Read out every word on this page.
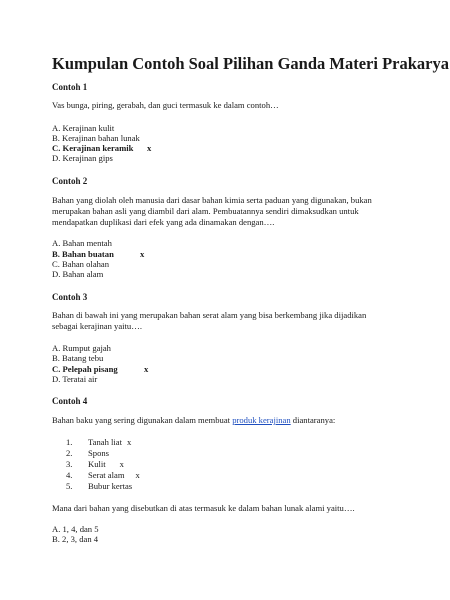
Kumpulan Contoh Soal Pilihan Ganda Materi Prakarya
Contoh 1
Vas bunga, piring, gerabah, dan guci termasuk ke dalam contoh…
A. Kerajinan kulit
B. Kerajinan bahan lunak
C. Kerajinan keramik x
D. Kerajinan gips
Contoh 2
Bahan yang diolah oleh manusia dari dasar bahan kimia serta paduan yang digunakan, bukan
merupakan bahan asli yang diambil dari alam. Pembuatannya sendiri dimaksudkan untuk
mendapatkan duplikasi dari efek yang ada dinamakan dengan….
A. Bahan mentah
B. Bahan buatan	x
C. Bahan olahan
D. Bahan alam
Contoh 3
Bahan di bawah ini yang merupakan bahan serat alam yang bisa berkembang jika dijadikan
sebagai kerajinan yaitu….
A. Rumput gajah
B. Batang tebu
C. Pelepah pisang	x
D. Teratai air
Contoh 4
Bahan baku yang sering digunakan dalam membuat produk kerajinan diantaranya:
1. Tanah liat x
2. Spons
3. Kulit x
4. Serat alam x
5. Bubur kertas
Mana dari bahan yang disebutkan di atas termasuk ke dalam bahan lunak alami yaitu….
A. 1, 4, dan 5
B. 2, 3, dan 4
